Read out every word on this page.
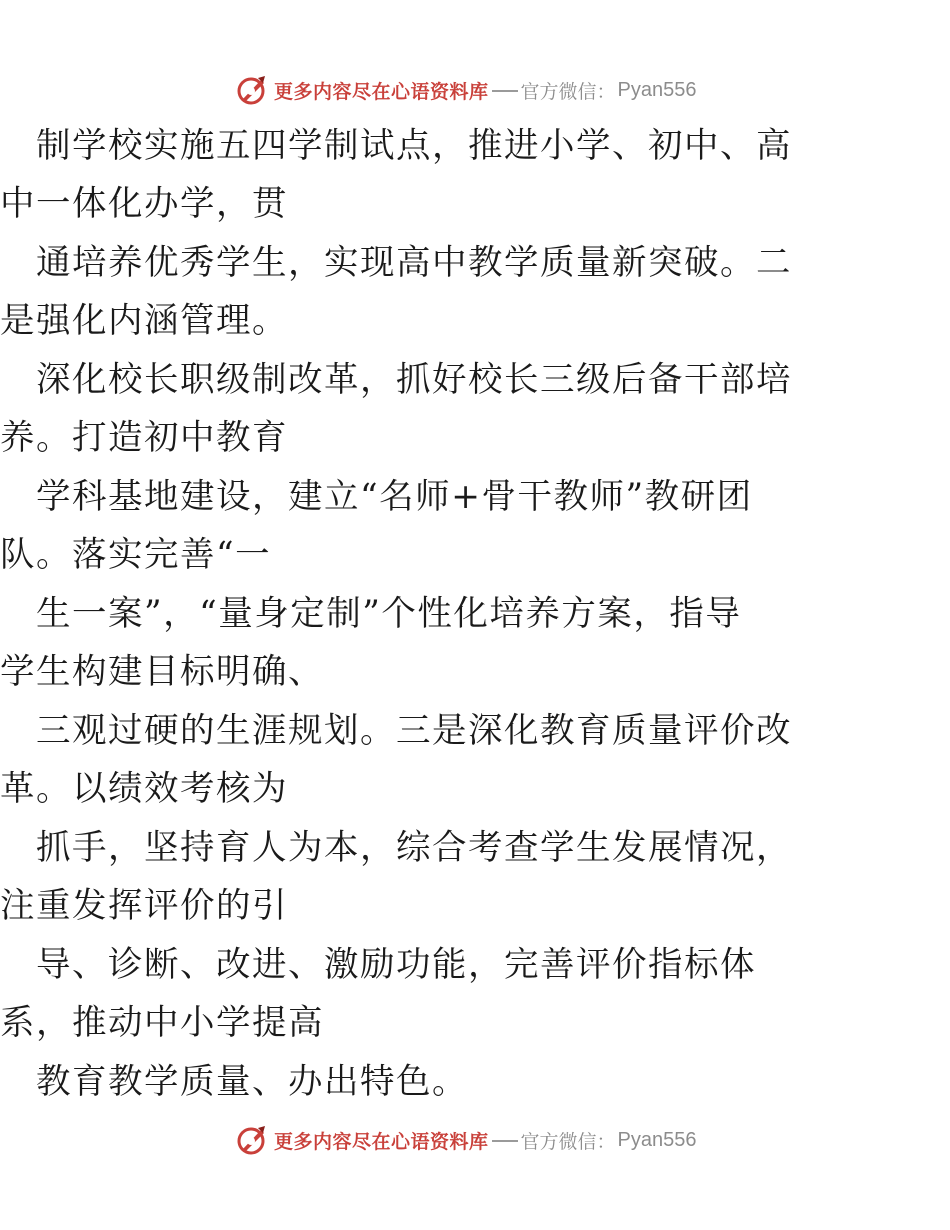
更多内容尽在心语资料库 官方微信： Pyan556
　制学校实施五四学制试点，推进小学、初中、高
中一体化办学，贯
　通培养优秀学生，实现高中教学质量新突破。二
是强化内涵管理。
　深化校长职级制改革，抓好校长三级后备干部培
养。打造初中教育
　学科基地建设，建立“名师+骨干教师”教研团
队。落实完善“一
　生一案”，“量身定制”个性化培养方案，指导
学生构建目标明确、
　三观过硬的生涯规划。三是深化教育质量评价改
革。以绩效考核为
　抓手，坚持育人为本，综合考查学生发展情况，
注重发挥评价的引
　导、诊断、改进、激励功能，完善评价指标体
系，推动中小学提高
　教育教学质量、办出特色。
更多内容尽在心语资料库 官方微信： Pyan556
